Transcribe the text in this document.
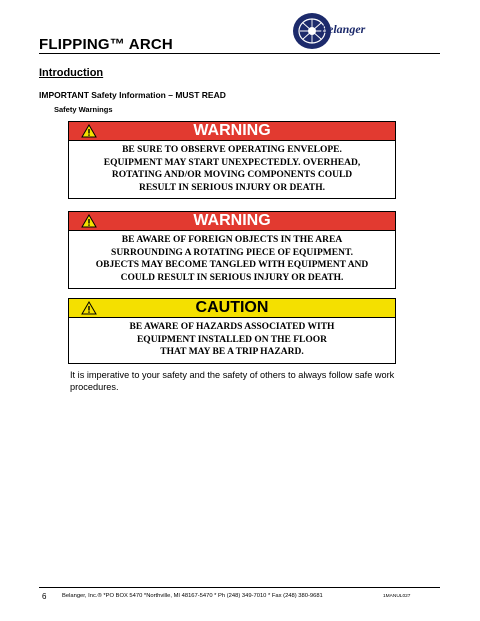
FLIPPING™ ARCH
Belanger
Introduction
IMPORTANT Safety Information – MUST READ
Safety Warnings
WARNING
BE SURE TO OBSERVE OPERATING ENVELOPE.
EQUIPMENT MAY START UNEXPECTEDLY. OVERHEAD,
ROTATING AND/OR MOVING COMPONENTS COULD
RESULT IN SERIOUS INJURY OR DEATH.
WARNING
BE AWARE OF FOREIGN OBJECTS IN THE AREA
SURROUNDING A ROTATING PIECE OF EQUIPMENT.
OBJECTS MAY BECOME TANGLED WITH EQUIPMENT AND
COULD RESULT IN SERIOUS INJURY OR DEATH.
CAUTION
BE AWARE OF HAZARDS ASSOCIATED WITH
EQUIPMENT INSTALLED ON THE FLOOR
THAT MAY BE A TRIP HAZARD.
It is imperative to your safety and the safety of others to always follow safe work procedures.
6	Belanger, Inc.® *PO BOX 5470 *Northville, MI 48167-5470 * Ph (248) 349-7010 * Fax (248) 380-9681	1MANUL027
